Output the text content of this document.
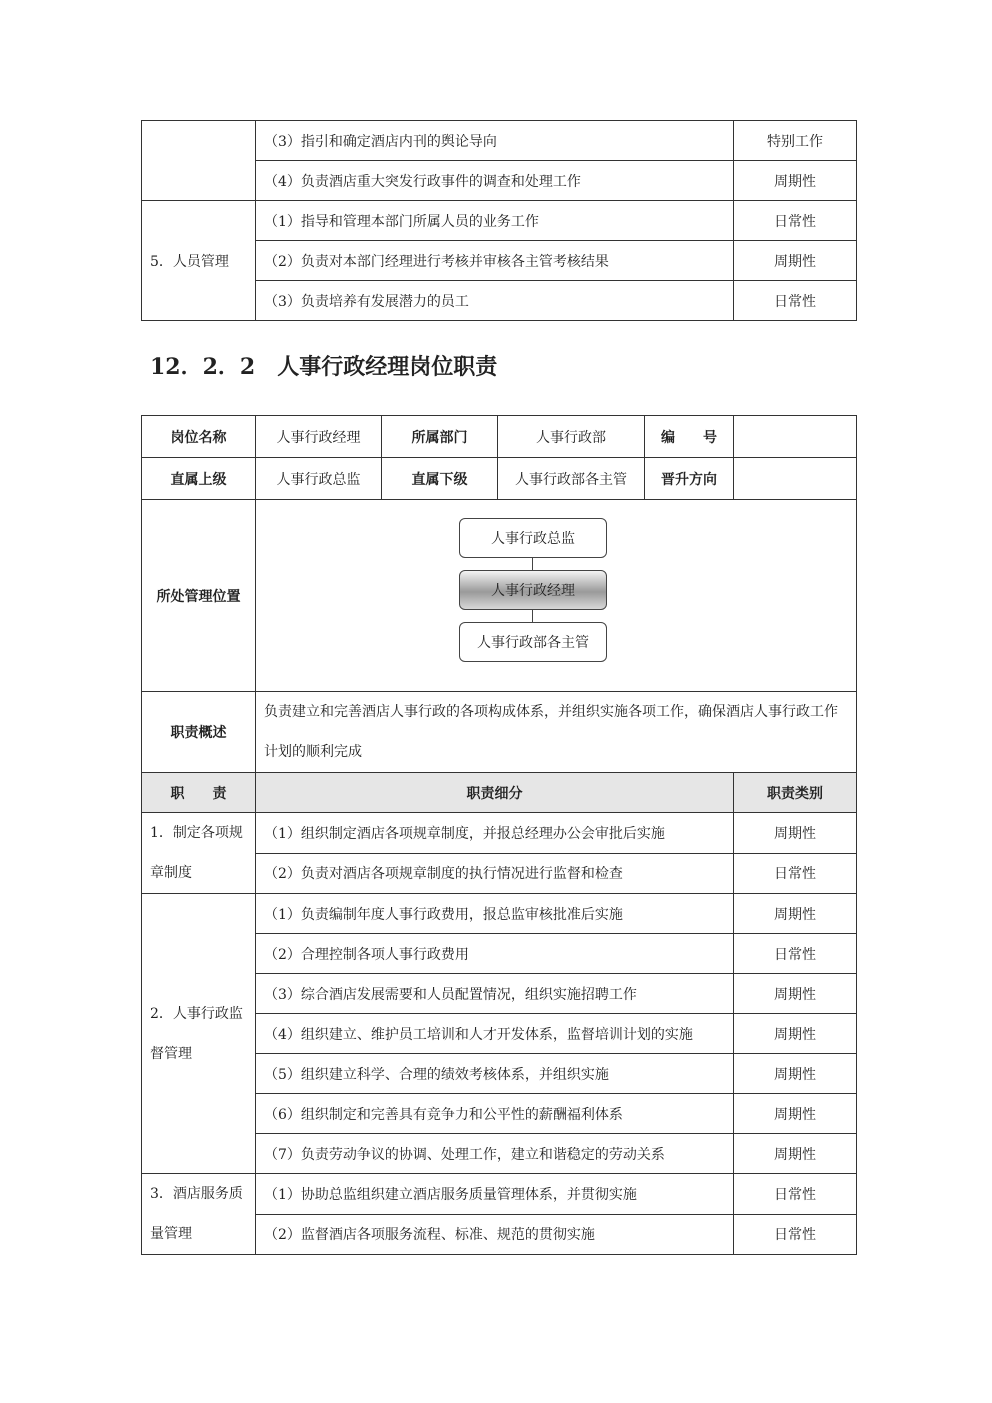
	（3）指引和确定酒店内刊的舆论导向	特别工作
	（4）负责酒店重大突发行政事件的调查和处理工作	周期性
5．人员管理	（1）指导和管理本部门所属人员的业务工作	日常性
	（2）负责对本部门经理进行考核并审核各主管考核结果	周期性
	（3）负责培养有发展潜力的员工	日常性
12．2．2　人事行政经理岗位职责
岗位名称	人事行政经理	所属部门	人事行政部	编　　号	
直属上级	人事行政总监	直属下级	人事行政部各主管	晋升方向	
所处管理位置	人事行政总监
人事行政经理
人事行政部各主管				

职责概述	负责建立和完善酒店人事行政的各项构成体系，并组织实施各项工作，确保酒店人事行政工作计划的顺利完成				
职　　责	职责细分				职责类别
1．制定各项规章制度	（1）组织制定酒店各项规章制度，并报总经理办公会审批后实施				周期性
	（2）负责对酒店各项规章制度的执行情况进行监督和检查				日常性
2．人事行政监督管理	（1）负责编制年度人事行政费用，报总监审核批准后实施				周期性
	（2）合理控制各项人事行政费用				日常性
	（3）综合酒店发展需要和人员配置情况，组织实施招聘工作				周期性
	（4）组织建立、维护员工培训和人才开发体系，监督培训计划的实施				周期性
	（5）组织建立科学、合理的绩效考核体系，并组织实施				周期性
	（6）组织制定和完善具有竞争力和公平性的薪酬福利体系				周期性
	（7）负责劳动争议的协调、处理工作，建立和谐稳定的劳动关系				周期性
3．酒店服务质量管理	（1）协助总监组织建立酒店服务质量管理体系，并贯彻实施				日常性
	（2）监督酒店各项服务流程、标准、规范的贯彻实施				日常性
